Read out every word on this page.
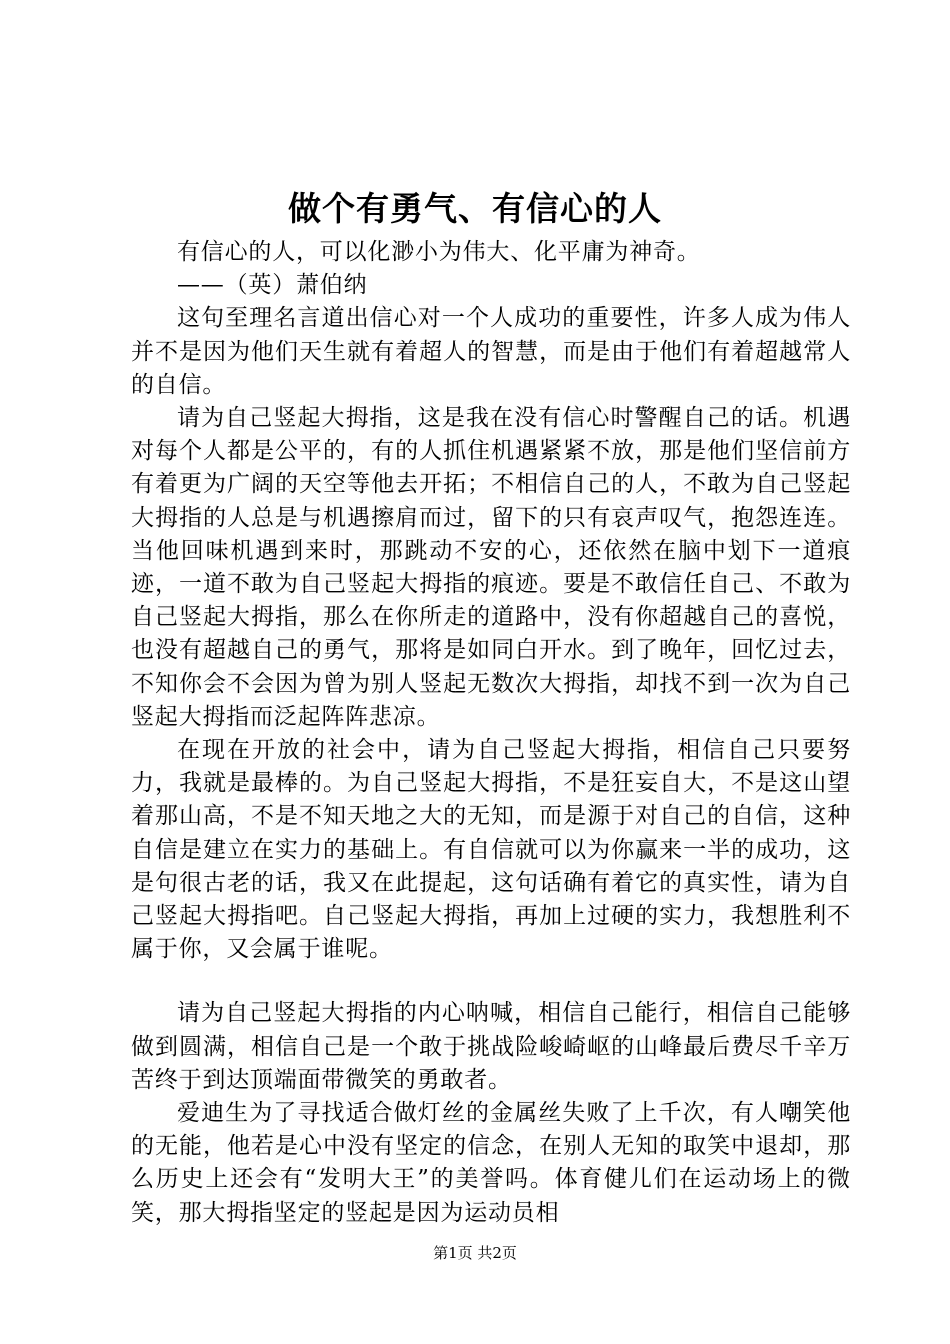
做个有勇气、有信心的人

有信心的人，可以化渺小为伟大、化平庸为神奇。

——（英）萧伯纳

这句至理名言道出信心对一个人成功的重要性，许多人成为伟人并不是因为他们天生就有着超人的智慧，而是由于他们有着超越常人的自信。

请为自己竖起大拇指，这是我在没有信心时警醒自己的话。机遇对每个人都是公平的，有的人抓住机遇紧紧不放，那是他们坚信前方有着更为广阔的天空等他去开拓；不相信自己的人，不敢为自己竖起大拇指的人总是与机遇擦肩而过，留下的只有哀声叹气，抱怨连连。当他回味机遇到来时，那跳动不安的心，还依然在脑中划下一道痕迹，一道不敢为自己竖起大拇指的痕迹。要是不敢信任自己、不敢为自己竖起大拇指，那么在你所走的道路中，没有你超越自己的喜悦，也没有超越自己的勇气，那将是如同白开水。到了晚年，回忆过去，不知你会不会因为曾为别人竖起无数次大拇指，却找不到一次为自己竖起大拇指而泛起阵阵悲凉。

在现在开放的社会中，请为自己竖起大拇指，相信自己只要努力，我就是最棒的。为自己竖起大拇指，不是狂妄自大，不是这山望着那山高，不是不知天地之大的无知，而是源于对自己的自信，这种自信是建立在实力的基础上。有自信就可以为你赢来一半的成功，这是句很古老的话，我又在此提起，这句话确有着它的真实性，请为自己竖起大拇指吧。自己竖起大拇指，再加上过硬的实力，我想胜利不属于你，又会属于谁呢。

请为自己竖起大拇指的内心呐喊，相信自己能行，相信自己能够做到圆满，相信自己是一个敢于挑战险峻崎岖的山峰最后费尽千辛万苦终于到达顶端面带微笑的勇敢者。

爱迪生为了寻找适合做灯丝的金属丝失败了上千次，有人嘲笑他的无能，他若是心中没有坚定的信念，在别人无知的取笑中退却，那么历史上还会有“发明大王”的美誉吗。体育健儿们在运动场上的微笑，那大拇指坚定的竖起是因为运动员相

第1页 共2页
